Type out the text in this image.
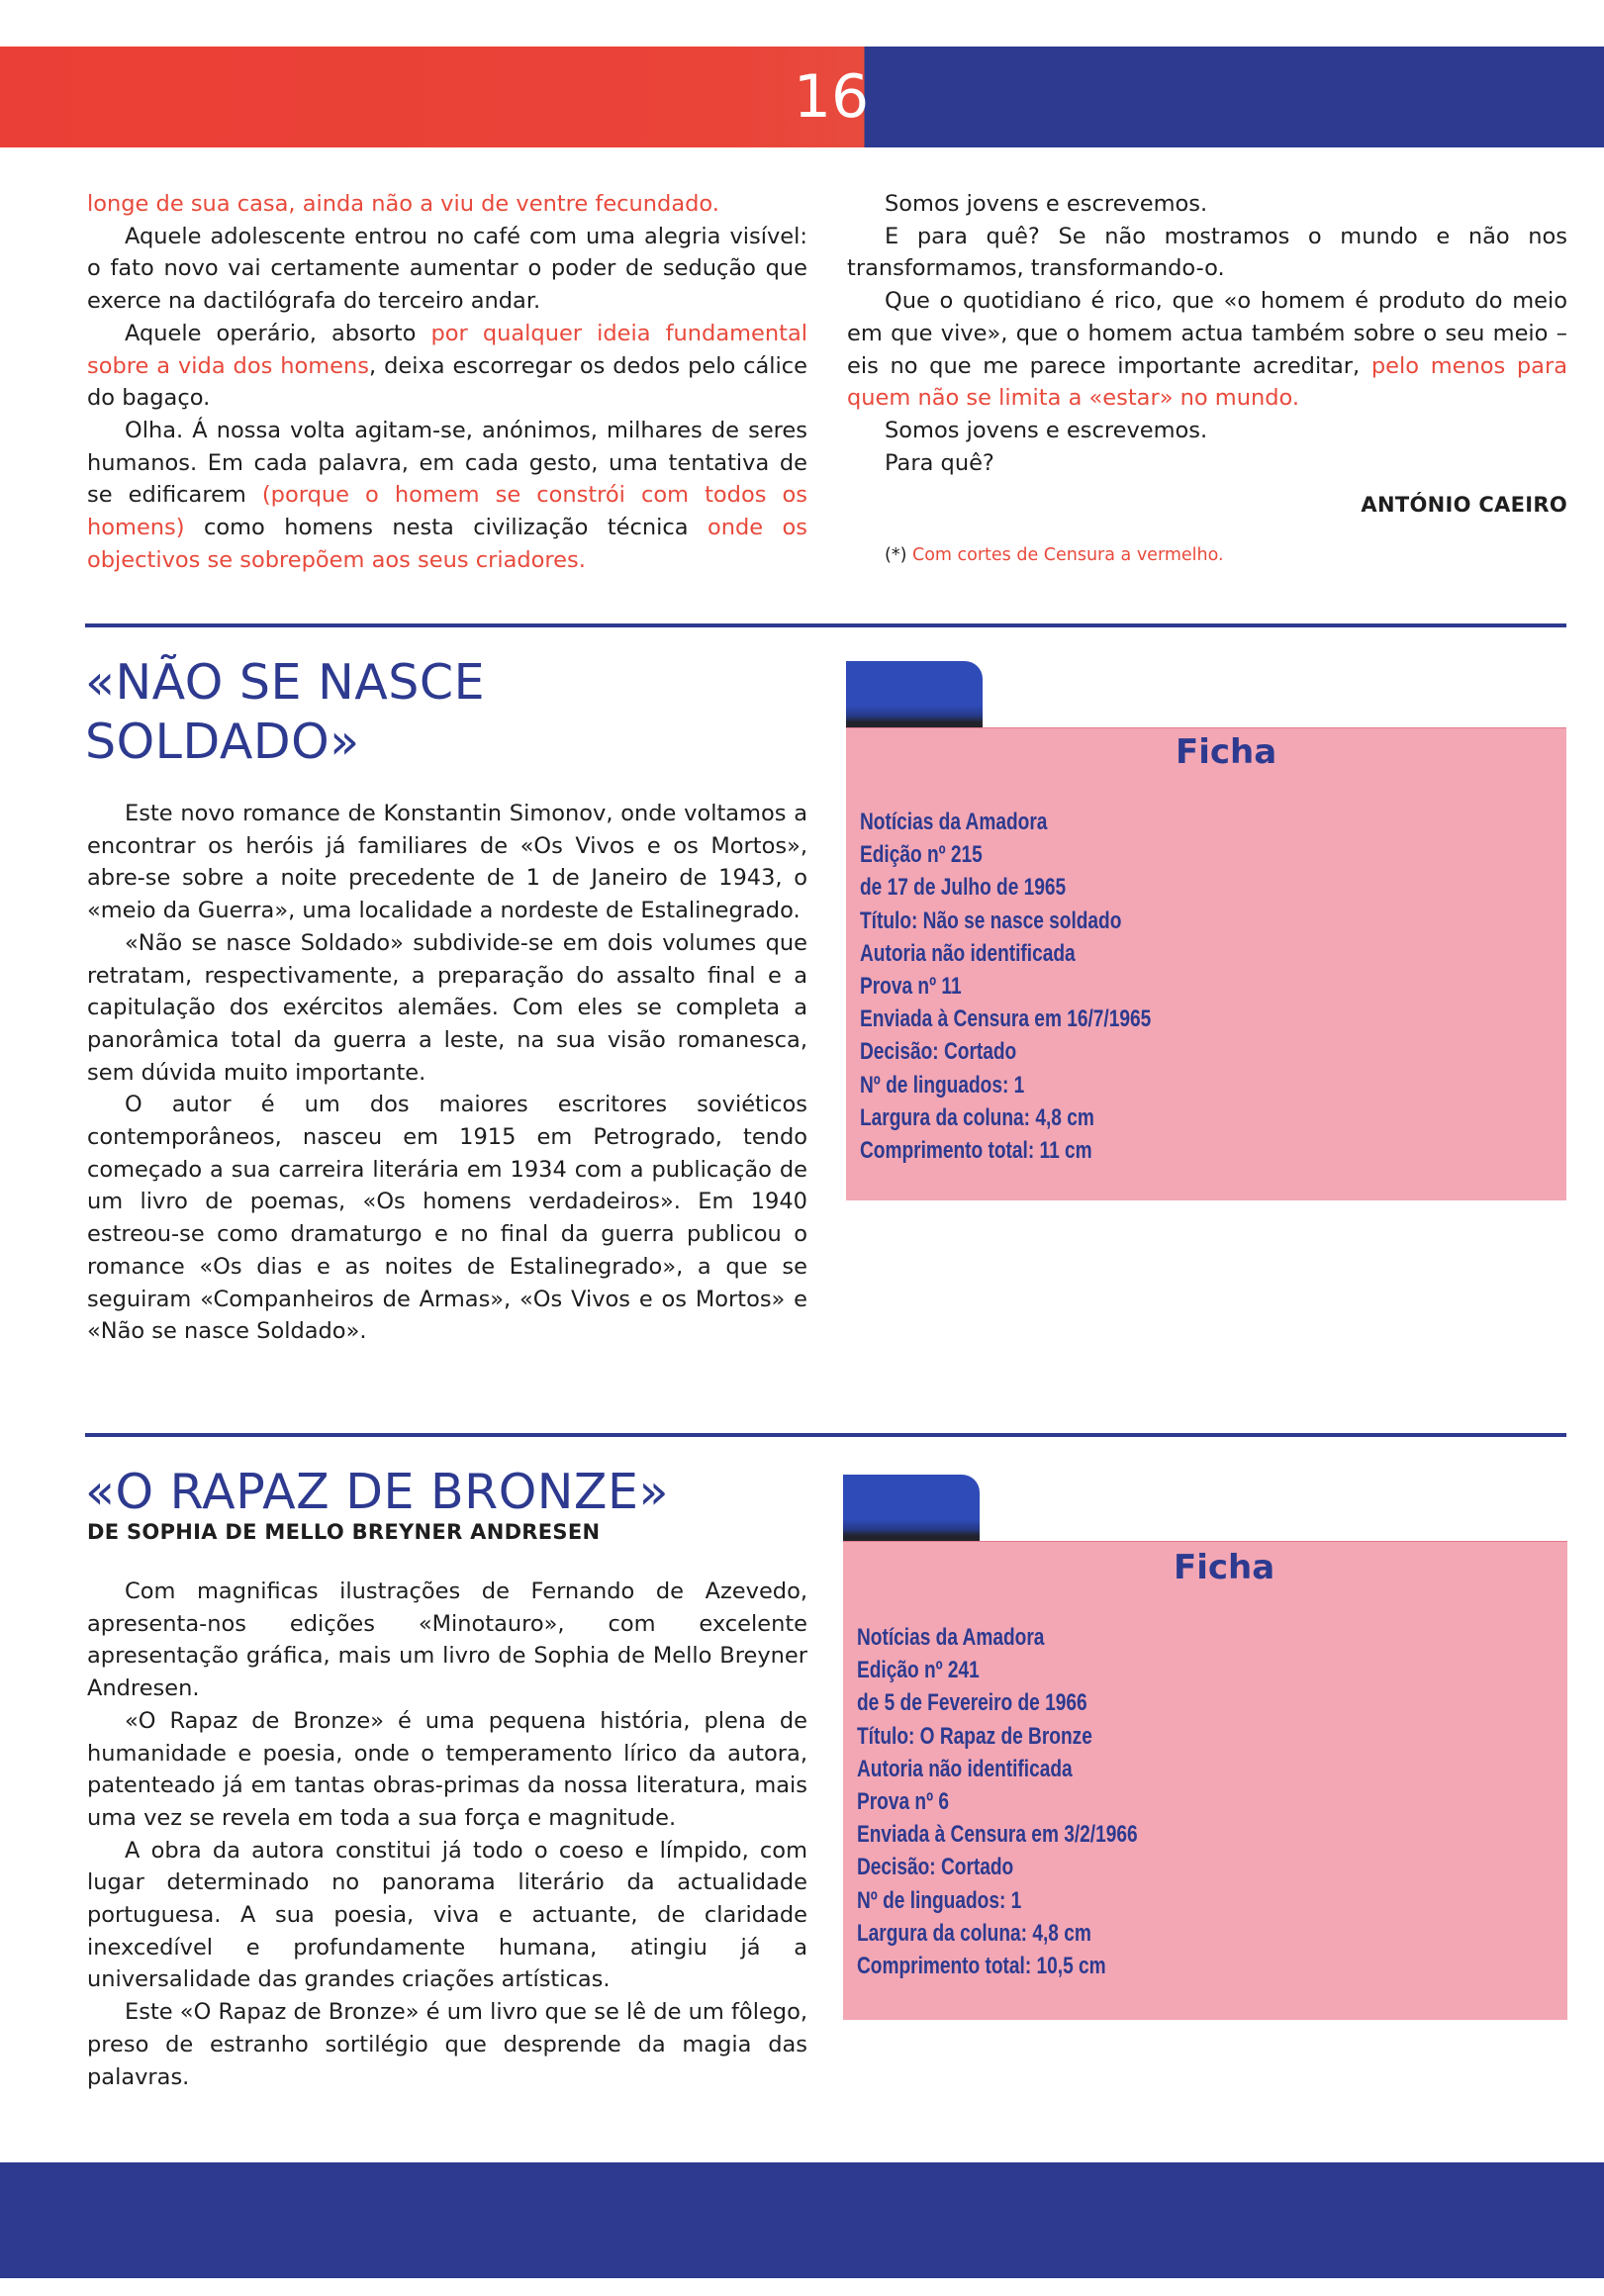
16

longe de sua casa, ainda não a viu de ventre fecundado.

Aquele adolescente entrou no café com uma alegria visível: o fato novo vai certamente aumentar o poder de sedução que exerce na dactilógrafa do terceiro andar.

Aquele operário, absorto por qualquer ideia fundamental sobre a vida dos homens, deixa escorregar os dedos pelo cálice do bagaço.

Olha. Á nossa volta agitam-se, anónimos, milhares de seres humanos. Em cada palavra, em cada gesto, uma tentativa de se edificarem (porque o homem se constrói com todos os homens) como homens nesta civilização técnica onde os objectivos se sobrepõem aos seus criadores.

Somos jovens e escrevemos.

E para quê? Se não mostramos o mundo e não nos transformamos, transformando-o.

Que o quotidiano é rico, que «o homem é produto do meio em que vive», que o homem actua também sobre o seu meio – eis no que me parece importante acreditar, pelo menos para quem não se limita a «estar» no mundo.

Somos jovens e escrevemos.

Para quê?

ANTÓNIO CAEIRO
(*) Com cortes de Censura a vermelho.
«NÃO SE NASCE
SOLDADO»

Este novo romance de Konstantin Simonov, onde voltamos a encontrar os heróis já familiares de «Os Vivos e os Mortos», abre-se sobre a noite precedente de 1 de Janeiro de 1943, o «meio da Guerra», uma localidade a nordeste de Estalinegrado.

«Não se nasce Soldado» subdivide-se em dois volumes que retratam, respectivamente, a preparação do assalto final e a capitulação dos exércitos alemães. Com eles se completa a panorâmica total da guerra a leste, na sua visão romanesca, sem dúvida muito importante.

O autor é um dos maiores escritores soviéticos contemporâneos, nasceu em 1915 em Petrogrado, tendo começado a sua carreira literária em 1934 com a publicação de um livro de poemas, «Os homens verdadeiros». Em 1940 estreou-se como dramaturgo e no final da guerra publicou o romance «Os dias e as noites de Estalinegrado», a que se seguiram «Companheiros de Armas», «Os Vivos e os Mortos» e «Não se nasce Soldado».

Ficha
Notícias da Amadora
Edição nº 215
de 17 de Julho de 1965
Título: Não se nasce soldado
Autoria não identificada
Prova nº 11
Enviada à Censura em 16/7/1965
Decisão: Cortado
Nº de linguados: 1
Largura da coluna: 4,8 cm
Comprimento total: 11 cm
«O RAPAZ DE BRONZE»
DE SOPHIA DE MELLO BREYNER ANDRESEN

Com magnificas ilustrações de Fernando de Azevedo, apresenta-nos edições «Minotauro», com excelente apresentação gráfica, mais um livro de Sophia de Mello Breyner Andresen.

«O Rapaz de Bronze» é uma pequena história, plena de humanidade e poesia, onde o temperamento lírico da autora, patenteado já em tantas obras-primas da nossa literatura, mais uma vez se revela em toda a sua força e magnitude.

A obra da autora constitui já todo o coeso e límpido, com lugar determinado no panorama literário da actualidade portuguesa. A sua poesia, viva e actuante, de claridade inexcedível e profundamente humana, atingiu já a universalidade das grandes criações artísticas.

Este «O Rapaz de Bronze» é um livro que se lê de um fôlego, preso de estranho sortilégio que desprende da magia das palavras.

Ficha
Notícias da Amadora
Edição nº 241
de 5 de Fevereiro de 1966
Título: O Rapaz de Bronze
Autoria não identificada
Prova nº 6
Enviada à Censura em 3/2/1966
Decisão: Cortado
Nº de linguados: 1
Largura da coluna: 4,8 cm
Comprimento total: 10,5 cm
